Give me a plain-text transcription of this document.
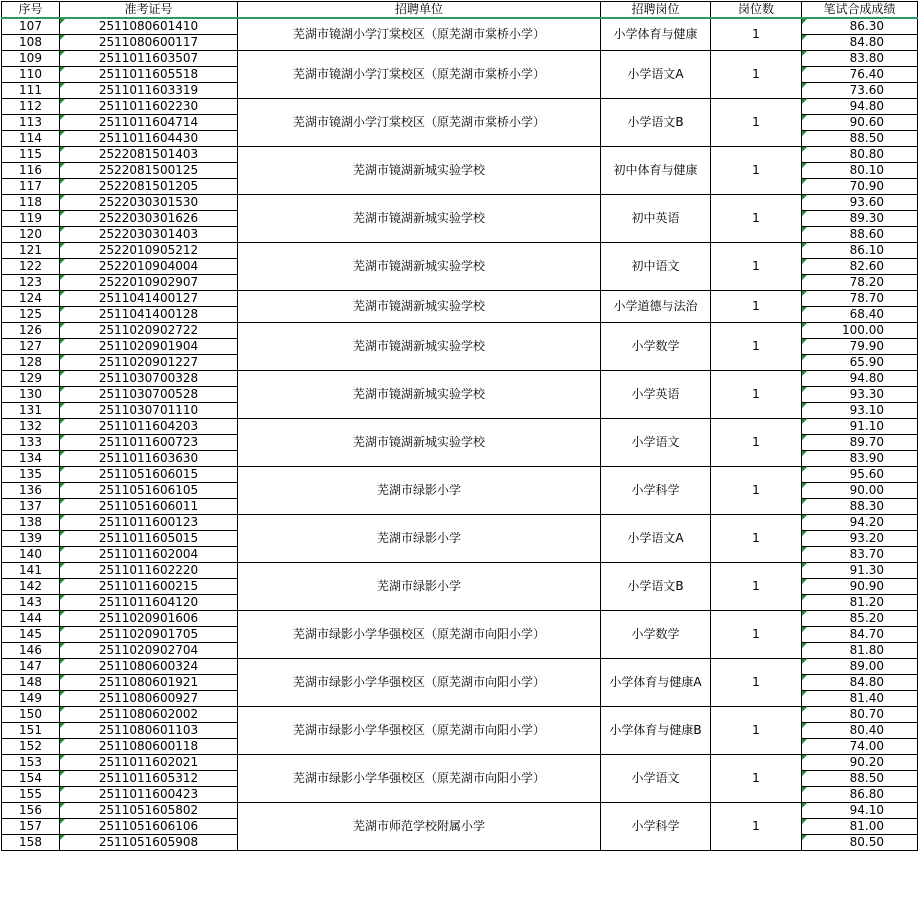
序号	准考证号	招聘单位	招聘岗位	岗位数	笔试合成成绩
107	2511080601410	芜湖市镜湖小学汀棠校区（原芜湖市棠桥小学）	小学体育与健康	1	86.30
108	2511080600117				84.80
109	2511011603507	芜湖市镜湖小学汀棠校区（原芜湖市棠桥小学）	小学语文A	1	83.80
110	2511011605518				76.40
111	2511011603319				73.60
112	2511011602230	芜湖市镜湖小学汀棠校区（原芜湖市棠桥小学）	小学语文B	1	94.80
113	2511011604714				90.60
114	2511011604430				88.50
115	2522081501403	芜湖市镜湖新城实验学校	初中体育与健康	1	80.80
116	2522081500125				80.10
117	2522081501205				70.90
118	2522030301530	芜湖市镜湖新城实验学校	初中英语	1	93.60
119	2522030301626				89.30
120	2522030301403				88.60
121	2522010905212	芜湖市镜湖新城实验学校	初中语文	1	86.10
122	2522010904004				82.60
123	2522010902907				78.20
124	2511041400127	芜湖市镜湖新城实验学校	小学道德与法治	1	78.70
125	2511041400128				68.40
126	2511020902722	芜湖市镜湖新城实验学校	小学数学	1	100.00
127	2511020901904				79.90
128	2511020901227				65.90
129	2511030700328	芜湖市镜湖新城实验学校	小学英语	1	94.80
130	2511030700528				93.30
131	2511030701110				93.10
132	2511011604203	芜湖市镜湖新城实验学校	小学语文	1	91.10
133	2511011600723				89.70
134	2511011603630				83.90
135	2511051606015	芜湖市绿影小学	小学科学	1	95.60
136	2511051606105				90.00
137	2511051606011				88.30
138	2511011600123	芜湖市绿影小学	小学语文A	1	94.20
139	2511011605015				93.20
140	2511011602004				83.70
141	2511011602220	芜湖市绿影小学	小学语文B	1	91.30
142	2511011600215				90.90
143	2511011604120				81.20
144	2511020901606	芜湖市绿影小学华强校区（原芜湖市向阳小学）	小学数学	1	85.20
145	2511020901705				84.70
146	2511020902704				81.80
147	2511080600324	芜湖市绿影小学华强校区（原芜湖市向阳小学）	小学体育与健康A	1	89.00
148	2511080601921				84.80
149	2511080600927				81.40
150	2511080602002	芜湖市绿影小学华强校区（原芜湖市向阳小学）	小学体育与健康B	1	80.70
151	2511080601103				80.40
152	2511080600118				74.00
153	2511011602021	芜湖市绿影小学华强校区（原芜湖市向阳小学）	小学语文	1	90.20
154	2511011605312				88.50
155	2511011600423				86.80
156	2511051605802	芜湖市师范学校附属小学	小学科学	1	94.10
157	2511051606106				81.00
158	2511051605908				80.50
